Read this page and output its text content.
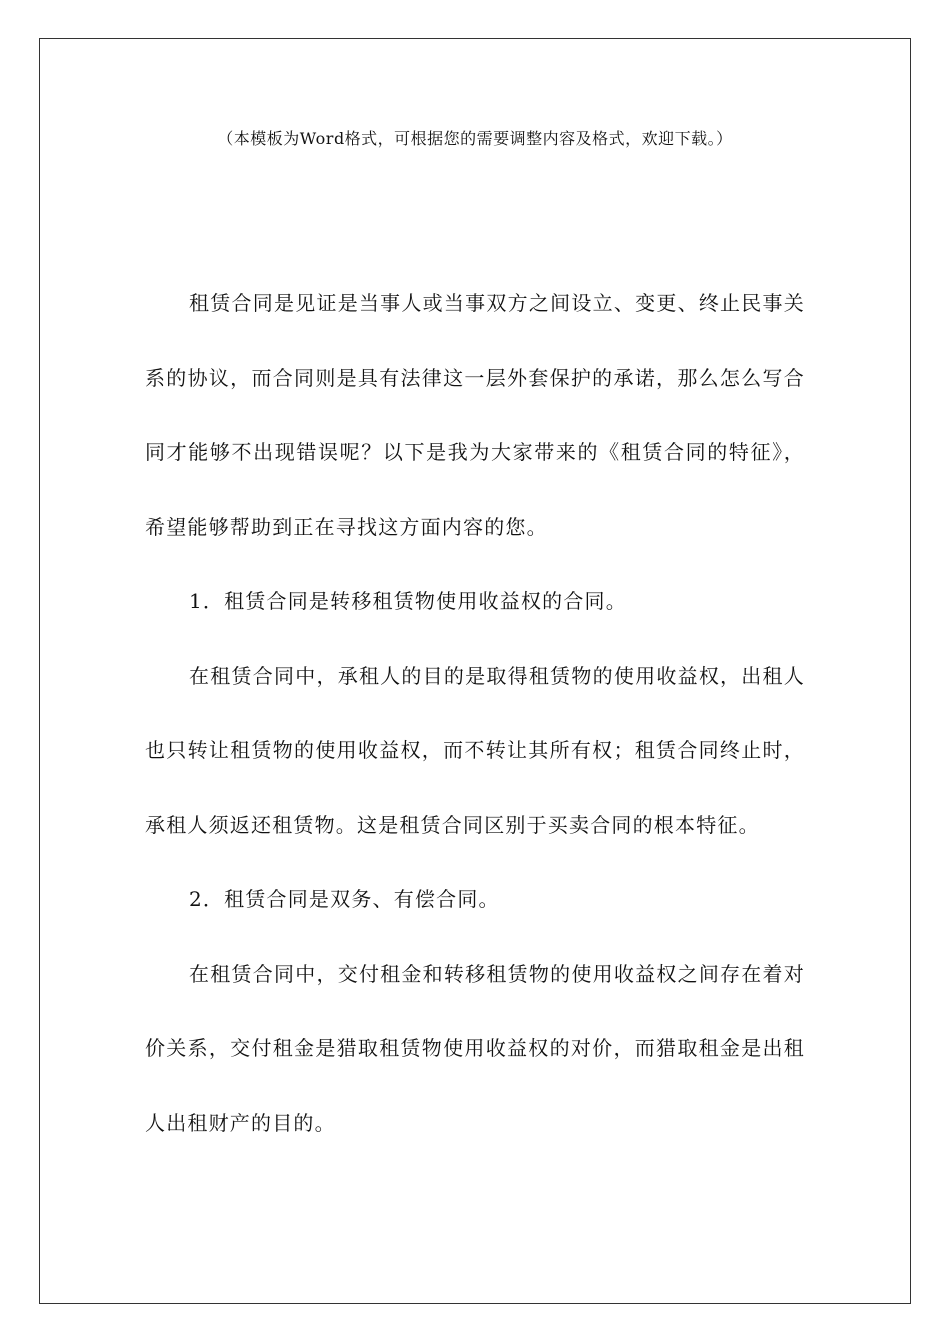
（本模板为Word格式，可根据您的需要调整内容及格式，欢迎下载。）

租赁合同是见证是当事人或当事双方之间设立、变更、终止民事关系的协议，而合同则是具有法律这一层外套保护的承诺，那么怎么写合同才能够不出现错误呢？以下是我为大家带来的《租赁合同的特征》，希望能够帮助到正在寻找这方面内容的您。

1．租赁合同是转移租赁物使用收益权的合同。

在租赁合同中，承租人的目的是取得租赁物的使用收益权，出租人也只转让租赁物的使用收益权，而不转让其所有权；租赁合同终止时，承租人须返还租赁物。这是租赁合同区别于买卖合同的根本特征。

2．租赁合同是双务、有偿合同。

在租赁合同中，交付租金和转移租赁物的使用收益权之间存在着对价关系，交付租金是猎取租赁物使用收益权的对价，而猎取租金是出租人出租财产的目的。
